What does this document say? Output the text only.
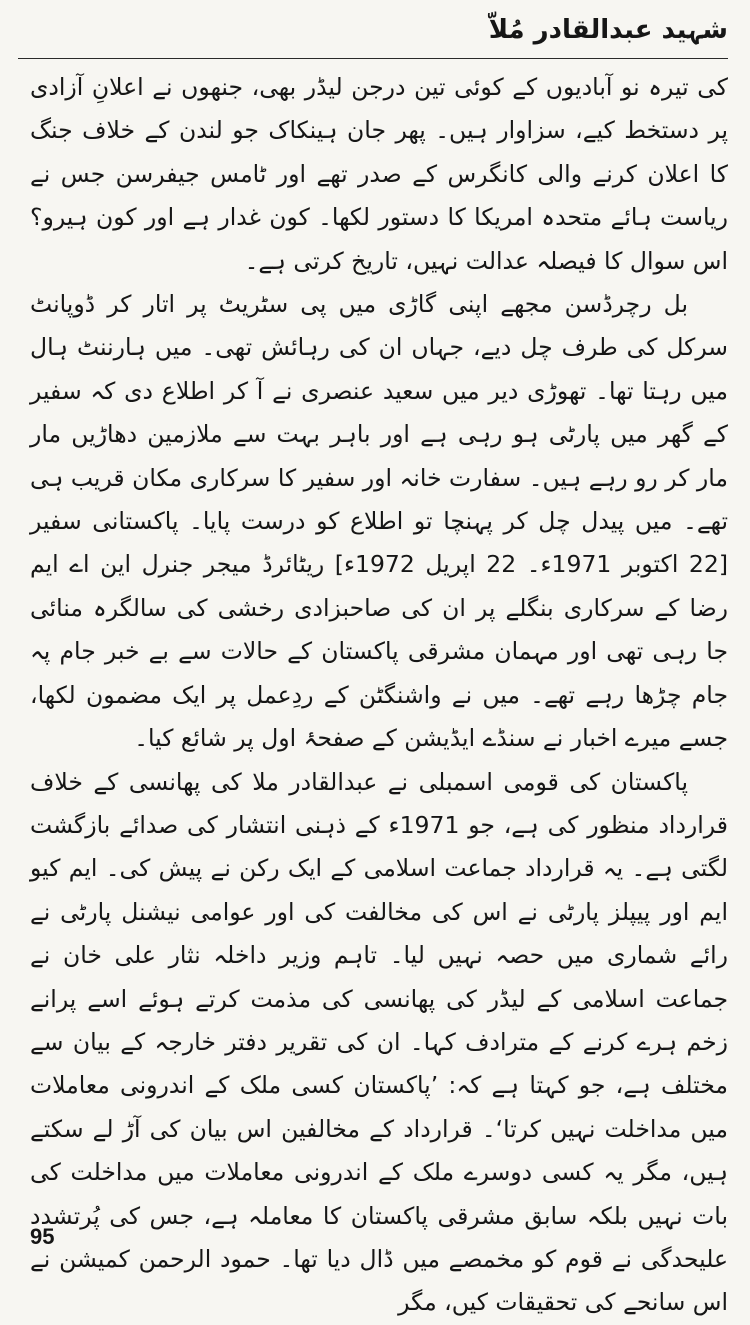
شہید عبدالقادر مُلاّ

کی تیرہ نو آبادیوں کے کوئی تین درجن لیڈر بھی، جنھوں نے اعلانِ آزادی پر دستخط کیے، سزاوار ہیں۔ پھر جان ہینکاک جو لندن کے خلاف جنگ کا اعلان کرنے والی کانگرس کے صدر تھے اور ٹامس جیفرسن جس نے ریاست ہائے متحدہ امریکا کا دستور لکھا۔ کون غدار ہے اور کون ہیرو؟ اس سوال کا فیصلہ عدالت نہیں، تاریخ کرتی ہے۔

بل رچرڈسن مجھے اپنی گاڑی میں پی سٹریٹ پر اتار کر ڈوپانٹ سرکل کی طرف چل دیے، جہاں ان کی رہائش تھی۔ میں ہارننٹ ہال میں رہتا تھا۔ تھوڑی دیر میں سعید عنصری نے آ کر اطلاع دی کہ سفیر کے گھر میں پارٹی ہو رہی ہے اور باہر بہت سے ملازمین دھاڑیں مار مار کر رو رہے ہیں۔ سفارت خانہ اور سفیر کا سرکاری مکان قریب ہی تھے۔ میں پیدل چل کر پہنچا تو اطلاع کو درست پایا۔ پاکستانی سفیر [22 اکتوبر 1971ء۔ 22 اپریل 1972ء] ریٹائرڈ میجر جنرل این اے ایم رضا کے سرکاری بنگلے پر ان کی صاحبزادی رخشی کی سالگرہ منائی جا رہی تھی اور مہمان مشرقی پاکستان کے حالات سے بے خبر جام پہ جام چڑھا رہے تھے۔ میں نے واشنگٹن کے ردِعمل پر ایک مضمون لکھا، جسے میرے اخبار نے سنڈے ایڈیشن کے صفحۂ اول پر شائع کیا۔

پاکستان کی قومی اسمبلی نے عبدالقادر ملا کی پھانسی کے خلاف قرارداد منظور کی ہے، جو 1971ء کے ذہنی انتشار کی صدائے بازگشت لگتی ہے۔ یہ قرارداد جماعت اسلامی کے ایک رکن نے پیش کی۔ ایم کیو ایم اور پیپلز پارٹی نے اس کی مخالفت کی اور عوامی نیشنل پارٹی نے رائے شماری میں حصہ نہیں لیا۔ تاہم وزیر داخلہ نثار علی خان نے جماعت اسلامی کے لیڈر کی پھانسی کی مذمت کرتے ہوئے اسے پرانے زخم ہرے کرنے کے مترادف کہا۔ ان کی تقریر دفتر خارجہ کے بیان سے مختلف ہے، جو کہتا ہے کہ: ’پاکستان کسی ملک کے اندرونی معاملات میں مداخلت نہیں کرتا‘۔ قرارداد کے مخالفین اس بیان کی آڑ لے سکتے ہیں، مگر یہ کسی دوسرے ملک کے اندرونی معاملات میں مداخلت کی بات نہیں بلکہ سابق مشرقی پاکستان کا معاملہ ہے، جس کی پُرتشدد علیحدگی نے قوم کو مخمصے میں ڈال دیا تھا۔ حمود الرحمن کمیشن نے اس سانحے کی تحقیقات کیں، مگر

95
